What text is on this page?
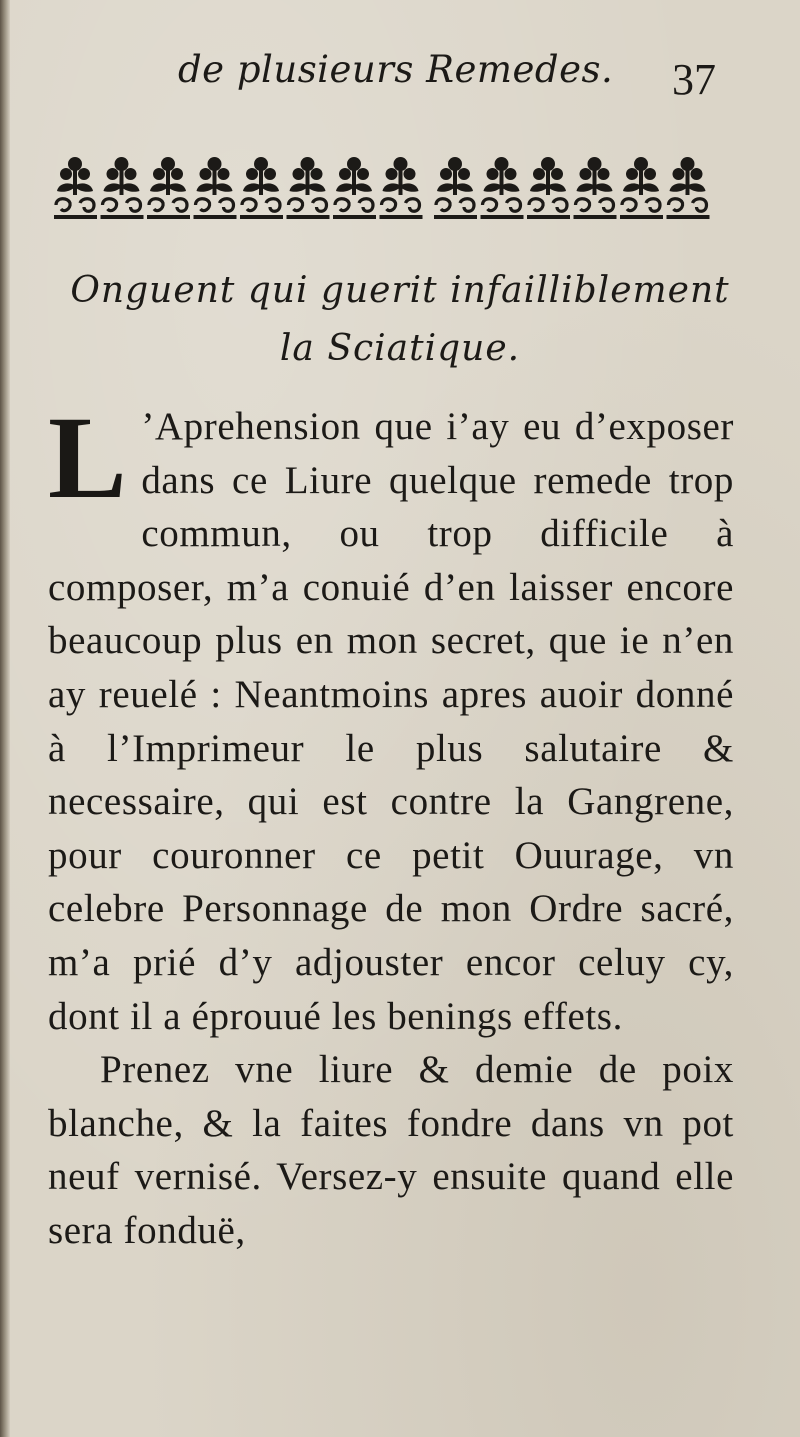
de plusieurs Remedes. 37
Onguent qui guerit infailliblement
la Sciatique.

L ’Aprehension que i’ay eu d’exposer dans ce Liure quelque remede trop commun, ou trop difficile à composer, m’a conuié d’en laisser encore beaucoup plus en mon secret, que ie n’en ay reuelé : Neantmoins apres auoir donné à l’Imprimeur le plus salutaire & necessaire, qui est contre la Gangrene, pour couronner ce petit Ouurage, vn celebre Personnage de mon Ordre sacré, m’a prié d’y adjouster encor celuy cy, dont il a éprouué les benings effets.

Prenez vne liure & demie de poix blanche, & la faites fondre dans vn pot neuf vernisé. Versez-y ensuite quand elle sera fonduë,
